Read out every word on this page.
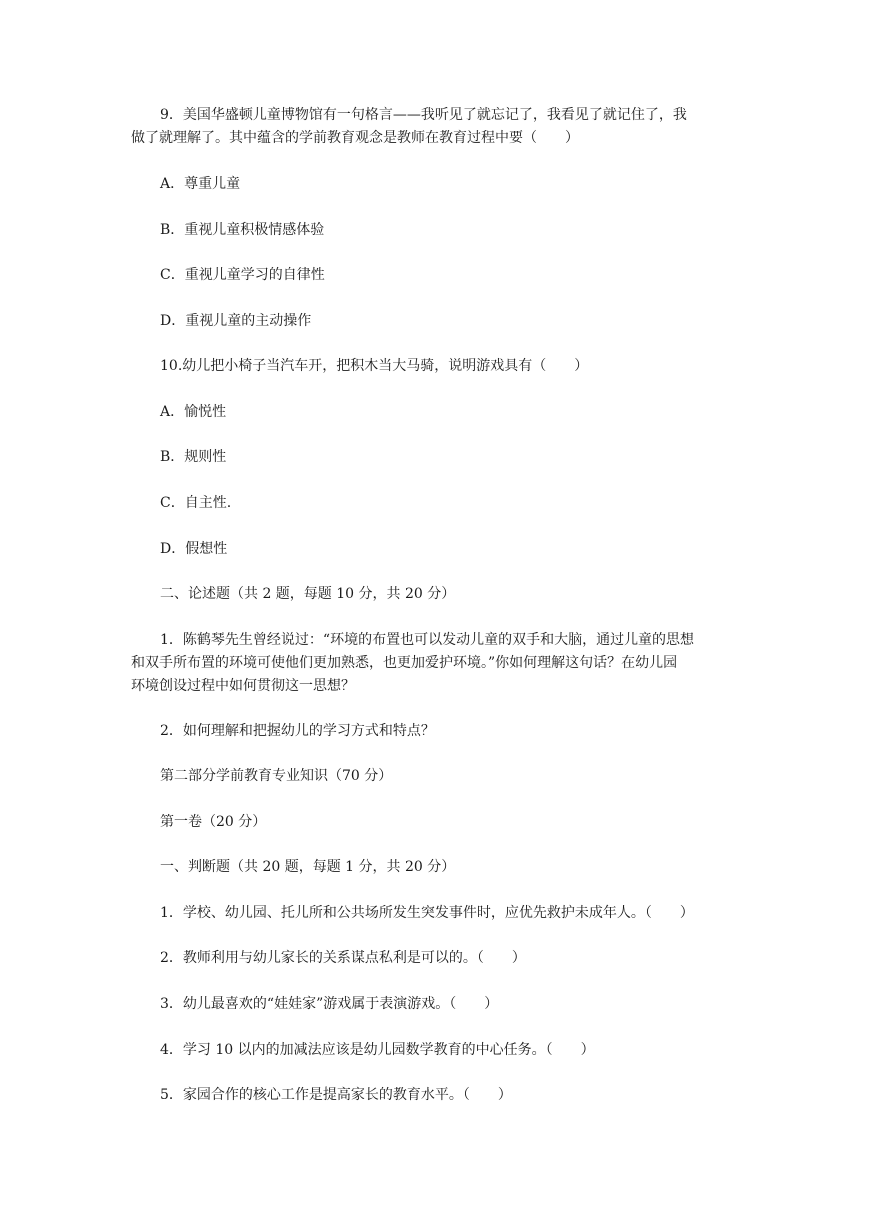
9．美国华盛顿儿童博物馆有一句格言——我听见了就忘记了，我看见了就记住了，我
做了就理解了。其中蕴含的学前教育观念是教师在教育过程中要（　　）
A．尊重儿童
B．重视儿童积极情感体验
C．重视儿童学习的自律性
D．重视儿童的主动操作
10.幼儿把小椅子当汽车开，把积木当大马骑，说明游戏具有（　　）
A．愉悦性
B．规则性
C．自主性.
D．假想性
二、论述题（共 2 题，每题 10 分，共 20 分）
1．陈鹤琴先生曾经说过：“环境的布置也可以发动儿童的双手和大脑，通过儿童的思想
和双手所布置的环境可使他们更加熟悉，也更加爱护环境。”你如何理解这句话？在幼儿园
环境创设过程中如何贯彻这一思想？
2．如何理解和把握幼儿的学习方式和特点？
第二部分学前教育专业知识（70 分）
第一卷（20 分）
一、判断题（共 20 题，每题 1 分，共 20 分）
1．学校、幼儿园、托儿所和公共场所发生突发事件时，应优先救护未成年人。（　　）
2．教师利用与幼儿家长的关系谋点私利是可以的。（　　）
3．幼儿最喜欢的“娃娃家”游戏属于表演游戏。（　　）
4．学习 10 以内的加减法应该是幼儿园数学教育的中心任务。（　　）
5．家园合作的核心工作是提高家长的教育水平。（　　）
